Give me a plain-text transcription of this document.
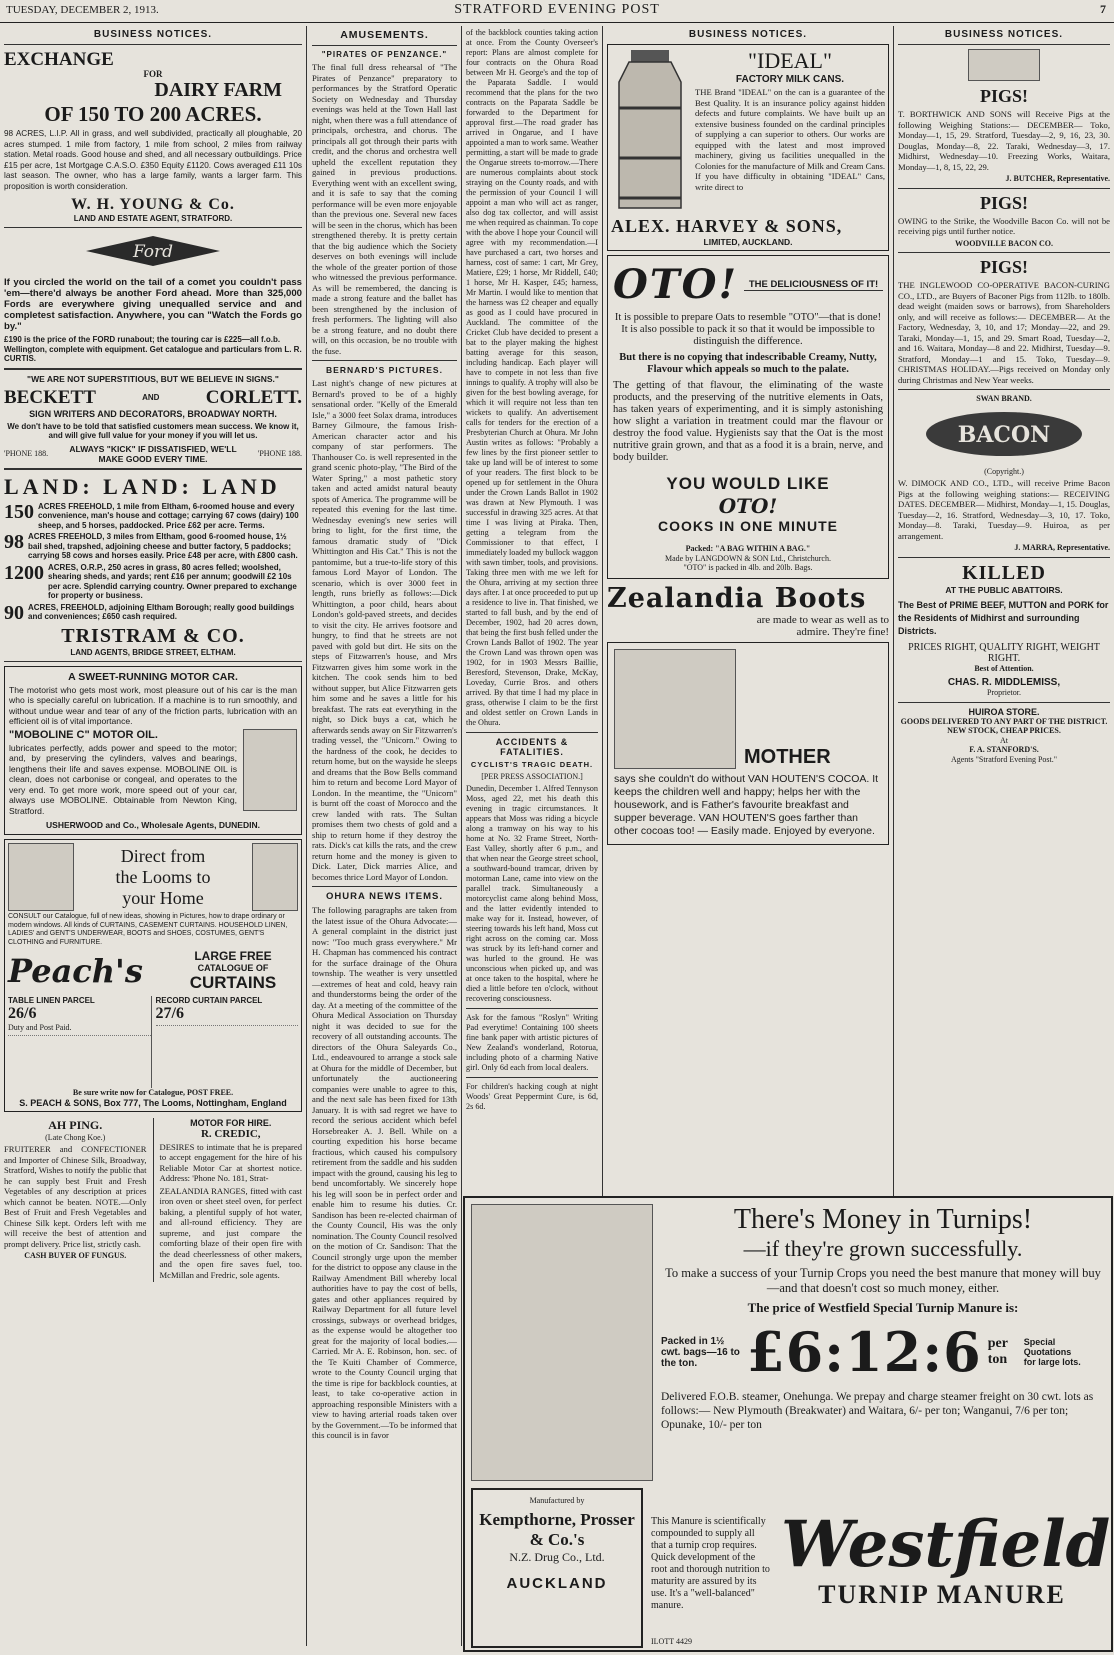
TUESDAY, DECEMBER 2, 1913.	STRATFORD EVENING POST	7
BUSINESS NOTICES.
EXCHANGE
FOR
DAIRY FARM
OF 150 TO 200 ACRES.
98 ACRES, L.I.P. All in grass, and well subdivided, practically all ploughable, 20 acres stumped. 1 mile from factory, 1 mile from school, 2 miles from railway station. Metal roads. Good house and shed, and all necessary outbuildings. Price £15 per acre, 1st Mortgage C.A.S.O. £350 Equity £1120. Cows averaged £11 10s last season. The owner, who has a large family, wants a larger farm. This proposition is worth consideration.
W. H. YOUNG & Co.
LAND AND ESTATE AGENT, STRATFORD.
Ford
If you circled the world on the tail of a comet you couldn't pass 'em—there'd always be another Ford ahead. More than 325,000 Fords are everywhere giving unequalled service and and completest satisfaction. Anywhere, you can "Watch the Fords go by."
£190 is the price of the FORD runabout; the touring car is £225—all f.o.b. Wellington, complete with equipment. Get catalogue and particulars from L. R. CURTIS.
"WE ARE NOT SUPERSTITIOUS, BUT WE BELIEVE IN SIGNS."
BECKETT	AND CORLETT.
SIGN WRITERS AND DECORATORS, BROADWAY NORTH.
We don't have to be told that satisfied customers mean success. We know it, and will give full value for your money if you will let us.
'PHONE 188. ALWAYS "KICK" IF DISSATISFIED, WE'LL MAKE GOOD EVERY TIME.
'PHONE 188.
LAND: LAND: LAND
150 ACRES FREEHOLD, 1 mile from Eltham, 6-roomed house and every convenience, man's house and cottage; carrying 67 cows (dairy) 100 sheep, and 5 horses, paddocked. Price £62 per acre. Terms.
98 ACRES FREEHOLD, 3 miles from Eltham, good 6-roomed house, 1½ bail shed, trapshed, adjoining cheese and butter factory, 5 paddocks; carrying 58 cows and horses easily. Price £48 per acre, with £800 cash.
1200 ACRES, O.R.P., 250 acres in grass, 80 acres felled; woolshed, shearing sheds, and yards; rent £16 per annum; goodwill £2 10s per acre. Splendid carrying country. Owner prepared to exchange for property or business.
90 ACRES, FREEHOLD, adjoining Eltham Borough; really good buildings and conveniences; £650 cash required.
TRISTRAM & CO.
LAND AGENTS, BRIDGE STREET, ELTHAM.
A SWEET-RUNNING MOTOR CAR.
The motorist who gets most work, most pleasure out of his car is the man who is specially careful on lubrication. If a machine is to run smoothly, and without undue wear and tear of any of the friction parts, lubrication with an efficient oil is of vital importance.
"MOBOLINE C" MOTOR OIL.
lubricates perfectly, adds power and speed to the motor; and, by preserving the cylinders, valves and bearings, lengthens their life and saves expense. MOBOLINE OIL is clean, does not carbonise or congeal, and operates to the very end. To get more work, more speed out of your car, always use MOBOLINE. Obtainable from Newton King, Stratford.
USHERWOOD and Co., Wholesale Agents, DUNEDIN.
Direct from
the Looms to
your Home
CONSULT our Catalogue, full of new ideas, showing in Pictures, how to drape ordinary or modern windows. All kinds of CURTAINS, CASEMENT CURTAINS. HOUSEHOLD LINEN, LADIES' and GENT'S UNDERWEAR, BOOTS and SHOES, COSTUMES, GENT'S CLOTHING and FURNITURE.
Peach's	LARGE FREE
CATALOGUE OF
CURTAINS
TABLE LINEN PARCEL
26/6
Duty and Post Paid.
RECORD CURTAIN PARCEL
27/6
Be sure write now for Catalogue, POST FREE.
S. PEACH & SONS, Box 777, The Looms, Nottingham, England
AH PING.
(Late Chong Koe.)
FRUITERER and CONFECTIONER and Importer of Chinese Silk, Broadway, Stratford, Wishes to notify the public that he can supply best Fruit and Fresh Vegetables of any description at prices which cannot be beaten. NOTE.—Only Best of Fruit and Fresh Vegetables and Chinese Silk kept. Orders left with me will receive the best of attention and prompt delivery. Price list, strictly cash.
CASH BUYER OF FUNGUS.
MOTOR FOR HIRE.
R. CREDIC,
DESIRES to intimate that he is prepared to accept engagement for the hire of his Reliable Motor Car at shortest notice. Address: 'Phone No. 181, Strat-
ZEALANDIA RANGES, fitted with cast iron oven or sheet steel oven, for perfect baking, a plentiful supply of hot water, and all-round efficiency. They are supreme, and just compare the comforting blaze of their open fire with the dead cheerlessness of other makers, and the open fire saves fuel, too. McMillan and Fredric, sole agents.
AMUSEMENTS.
"PIRATES OF PENZANCE."
The final full dress rehearsal of "The Pirates of Penzance" preparatory to performances by the Stratford Operatic Society on Wednesday and Thursday evenings was held at the Town Hall last night, when there was a full attendance of principals, orchestra, and chorus. The principals all got through their parts with credit, and the chorus and orchestra well upheld the excellent reputation they gained in previous productions. Everything went with an excellent swing, and it is safe to say that the coming performance will be even more enjoyable than the previous one. Several new faces will be seen in the chorus, which has been strengthened thereby. It is pretty certain that the big audience which the Society deserves on both evenings will include the whole of the greater portion of those who witnessed the previous performance. As will be remembered, the dancing is made a strong feature and the ballet has been strengthened by the inclusion of fresh performers. The lighting will also be a strong feature, and no doubt there will, on this occasion, be no trouble with the fuse.
BERNARD'S PICTURES.
Last night's change of new pictures at Bernard's proved to be of a highly sensational order. "Kelly of the Emerald Isle," a 3000 feet Solax drama, introduces Barney Gilmoure, the famous Irish-American character actor and his company of star performers. The Thanhouser Co. is well represented in the grand scenic photo-play, "The Bird of the Water Spring," a most pathetic story taken and acted amidst natural beauty spots of America. The programme will be repeated this evening for the last time. Wednesday evening's new series will bring to light, for the first time, the famous dramatic study of "Dick Whittington and His Cat." This is not the pantomime, but a true-to-life story of this famous Lord Mayor of London. The scenario, which is over 3000 feet in length, runs briefly as follows:—Dick Whittington, a poor child, hears about London's gold-paved streets, and decides to visit the city. He arrives footsore and hungry, to find that he streets are not paved with gold but dirt. He sits on the steps of Fitzwarren's house, and Mrs Fitzwarren gives him some work in the kitchen. The cook sends him to bed without supper, but Alice Fitzwarren gets him some and he saves a little for his breakfast. The rats eat everything in the night, so Dick buys a cat, which he afterwards sends away on Sir Fitzwarren's trading vessel, the "Unicorn." Owing to the hardness of the cook, he decides to return home, but on the wayside he sleeps and dreams that the Bow Bells command him to return and become Lord Mayor of London. In the meantime, the "Unicorn" is burnt off the coast of Morocco and the crew landed with rats. The Sultan promises them two chests of gold and a ship to return home if they destroy the rats. Dick's cat kills the rats, and the crew return home and the money is given to Dick. Later, Dick marries Alice, and becomes thrice Lord Mayor of London.
OHURA NEWS ITEMS.
The following paragraphs are taken from the latest issue of the Ohura Advocate:— A general complaint in the district just now: "Too much grass everywhere." Mr H. Chapman has commenced his contract for the surface drainage of the Ohura township. The weather is very unsettled—extremes of heat and cold, heavy rain and thunderstorms being the order of the day. At a meeting of the committee of the Ohura Medical Association on Thursday night it was decided to sue for the recovery of all outstanding accounts. The directors of the Ohura Saleyards Co., Ltd., endeavoured to arrange a stock sale at Ohura for the middle of December, but unfortunately the auctioneering companies were unable to agree to this, and the next sale has been fixed for 13th January. It is with sad regret we have to record the serious accident which befel Horsebreaker A. J. Bell. While on a courting expedition his horse became fractious, which caused his compulsory retirement from the saddle and his sudden impact with the ground, causing his leg to bend uncomfortably. We sincerely hope his leg will soon be in perfect order and enable him to resume his duties. Cr. Sandison has been re-elected chairman of the County Council, His was the only nomination. The County Council resolved on the motion of Cr. Sandison: That the Council strongly urge upon the member for the district to oppose any clause in the Railway Amendment Bill whereby local authorities have to pay the cost of bells, gates and other appliances required by Railway Department for all future level crossings, subways or overhead bridges, as the expense would be altogether too great for the majority of local bodies.—Carried. Mr A. E. Robinson, hon. sec. of the Te Kuiti Chamber of Commerce, wrote to the County Council urging that the time is ripe for backblock counties, at least, to take co-operative action in approaching responsible Ministers with a view to having arterial roads taken over by the Government.—To be informed that this council is in favor
of the backblock counties taking action at once. From the County Overseer's report: Plans are almost complete for four contracts on the Ohura Road between Mr H. George's and the top of the Paparata Saddle. I would recommend that the plans for the two contracts on the Paparata Saddle be forwarded to the Department for approval first.—The road grader has arrived in Ongarue, and I have appointed a man to work same. Weather permitting, a start will be made to grade the Ongarue streets to-morrow.—There are numerous complaints about stock straying on the County roads, and with the permission of your Council I will appoint a man who will act as ranger, also dog tax collector, and will assist me when required as chainman. To cope with the above I hope your Council will agree with my recommendation.—I have purchased a cart, two horses and harness, cost of same: 1 cart, Mr Grey, Matiere, £29; 1 horse, Mr Riddell, £40; 1 horse, Mr H. Kasper, £45; harness, Mr Martin. I would like to mention that the harness was £2 cheaper and equally as good as I could have procured in Auckland. The committee of the Cricket Club have decided to present a bat to the player making the highest batting average for this season, including handicap. Each player will have to compete in not less than five innings to qualify. A trophy will also be given for the best bowling average, for which it will require not less than ten wickets to qualify. An advertisement calls for tenders for the erection of a Presbyterian Church at Ohura. Mr John Austin writes as follows: "Probably a few lines by the first pioneer settler to take up land will be of interest to some of your readers. The first block to be opened up for settlement in the Ohura under the Crown Lands Ballot in 1902 was drawn at New Plymouth. I was successful in drawing 325 acres. At that time I was living at Piraka. Then, getting a telegram from the Commissioner to that effect, I immediately loaded my bullock waggon with sawn timber, tools, and provisions. Taking three men with me we left for the Ohura, arriving at my section three days after. I at once proceeded to put up a residence to live in. That finished, we started to fall bush, and by the end of December, 1902, had 20 acres down, that being the first bush felled under the Crown Lands Ballot of 1902. The year the Crown Land was thrown open was 1902, for in 1903 Messrs Baillie, Beresford, Stevenson, Drake, McKay, Loveday, Currie Bros. and others arrived. By that time I had my place in grass, otherwise I claim to be the first and oldest settler on Crown Lands in the Ohura.
ACCIDENTS & FATALITIES.
CYCLIST'S TRAGIC DEATH.
[PER PRESS ASSOCIATION.]
Dunedin, December 1. Alfred Tennyson Moss, aged 22, met his death this evening in tragic circumstances. It appears that Moss was riding a bicycle along a tramway on his way to his home at No. 32 Frame Street, North-East Valley, shortly after 6 p.m., and that when near the George street school, a southward-bound tramcar, driven by motorman Lane, came into view on the parallel track. Simultaneously a motorcyclist came along behind Moss, and the latter evidently intended to make way for it. Instead, however, of steering towards his left hand, Moss cut right across on the coming car. Moss was struck by its left-hand corner and was hurled to the ground. He was unconscious when picked up, and was at once taken to the hospital, where he died a little before ten o'clock, without recovering consciousness.
Ask for the famous "Roslyn" Writing Pad everytime! Containing 100 sheets fine bank paper with artistic pictures of New Zealand's wonderland, Rotorua, including photo of a charming Native girl. Only 6d each from local dealers.
For children's hacking cough at night Woods' Great Peppermint Cure, is 6d, 2s 6d.
BUSINESS NOTICES.
"IDEAL"
FACTORY MILK CANS.
THE Brand "IDEAL" on the can is a guarantee of the Best Quality. It is an insurance policy against hidden defects and future complaints. We have built up an extensive business founded on the cardinal principles of supplying a can superior to others. Our works are equipped with the latest and most improved machinery, giving us facilities unequalled in the Colonies for the manufacture of Milk and Cream Cans. If you have difficulty in obtaining "IDEAL" Cans, write direct to
ALEX. HARVEY & SONS,
LIMITED, AUCKLAND.
OTO!	THE DELICIOUSNESS OF IT!
It is possible to prepare Oats to resemble "OTO"—that is done! It is also possible to pack it so that it would be impossible to distinguish the difference.
But there is no copying that indescribable Creamy, Nutty, Flavour which appeals so much to the palate.
The getting of that flavour, the eliminating of the waste products, and the preserving of the nutritive elements in Oats, has taken years of experimenting, and it is simply astonishing how slight a variation in treatment could mar the flavour or destroy the food value. Hygienists say that the Oat is the most nutritive grain grown, and that as a food it is a brain, nerve, and body builder.
YOU WOULD LIKE
OTO!
COOKS IN ONE MINUTE
Packed: "A BAG WITHIN A BAG."
Made by LANGDOWN & SON Ltd., Christchurch.
"OTO" is packed in 4lb. and 20lb. Bags.
Zealandia Boots
are made to wear as well as to admire. They're fine!
MOTHER
says she couldn't do without VAN HOUTEN'S COCOA. It keeps the children well and happy; helps her with the housework, and is Father's favourite breakfast and supper beverage. VAN HOUTEN'S goes farther than other cocoas too! — Easily made. Enjoyed by everyone.
BUSINESS NOTICES.
PIGS!
T. BORTHWICK AND SONS will Receive Pigs at the following Weighing Stations:— DECEMBER— Toko, Monday—1, 15, 29. Stratford, Tuesday—2, 9, 16, 23, 30. Douglas, Monday—8, 22. Taraki, Wednesday—3, 17. Midhirst, Wednesday—10. Freezing Works, Waitara, Monday—1, 8, 15, 22, 29.
J. BUTCHER, Representative.
PIGS!
OWING to the Strike, the Woodville Bacon Co. will not be receiving pigs until further notice.
WOODVILLE BACON CO.
PIGS!
THE INGLEWOOD CO-OPERATIVE BACON-CURING CO., LTD., are Buyers of Baconer Pigs from 112lb. to 180lb. dead weight (maiden sows or barrows), from Shareholders only, and will receive as follows:— DECEMBER— At the Factory, Wednesday, 3, 10, and 17; Monday—22, and 29. Taraki, Monday—1, 15, and 29. Smart Road, Tuesday—2, and 16. Waitara, Monday—8 and 22. Midhirst, Tuesday—9. Stratford, Monday—1 and 15. Toko, Tuesday—9. CHRISTMAS HOLIDAY.—Pigs received on Monday only during Christmas and New Year weeks.
SWAN BRAND.
BACON
(Copyright.)
W. DIMOCK AND CO., LTD., will receive Prime Bacon Pigs at the following weighing stations:— RECEIVING DATES. DECEMBER— Midhirst, Monday—1, 15. Douglas, Tuesday—2, 16. Stratford, Wednesday—3, 10, 17. Toko, Monday—8. Taraki, Tuesday—9. Huiroa, as per arrangement.
J. MARRA, Representative.
KILLED
AT THE PUBLIC ABATTOIRS.
The Best of PRIME BEEF, MUTTON and PORK for the Residents of Midhirst and surrounding Districts.
PRICES RIGHT, QUALITY RIGHT, WEIGHT RIGHT.
Best of Attention.
CHAS. R. MIDDLEMISS,
Proprietor.
HUIROA STORE.
GOODS DELIVERED TO ANY PART OF THE DISTRICT.
NEW STOCK, CHEAP PRICES.
At
F. A. STANFORD'S.
Agents "Stratford Evening Post."
There's Money in Turnips!
—if they're grown successfully.
To make a success of your Turnip Crops you need the best manure that money will buy—and that doesn't cost so much money, either.
The price of Westfield Special Turnip Manure is:
Packed in 1½ cwt. bags—16 to the ton. £6:12:6 per ton
Special Quotations for large lots.
Delivered F.O.B. steamer, Onehunga. We prepay and charge steamer freight on 30 cwt. lots as follows:— New Plymouth (Breakwater) and Waitara, 6/- per ton; Wanganui, 7/6 per ton; Opunake, 10/- per ton
Manufactured by
Kempthorne, Prosser & Co.'s
N.Z. Drug Co., Ltd.
AUCKLAND
This Manure is scientifically compounded to supply all that a turnip crop requires. Quick development of the root and thorough nutrition to maturity are assured by its use. It's a "well-balanced" manure.
Westfield
TURNIP MANURE
ILOTT 4429
